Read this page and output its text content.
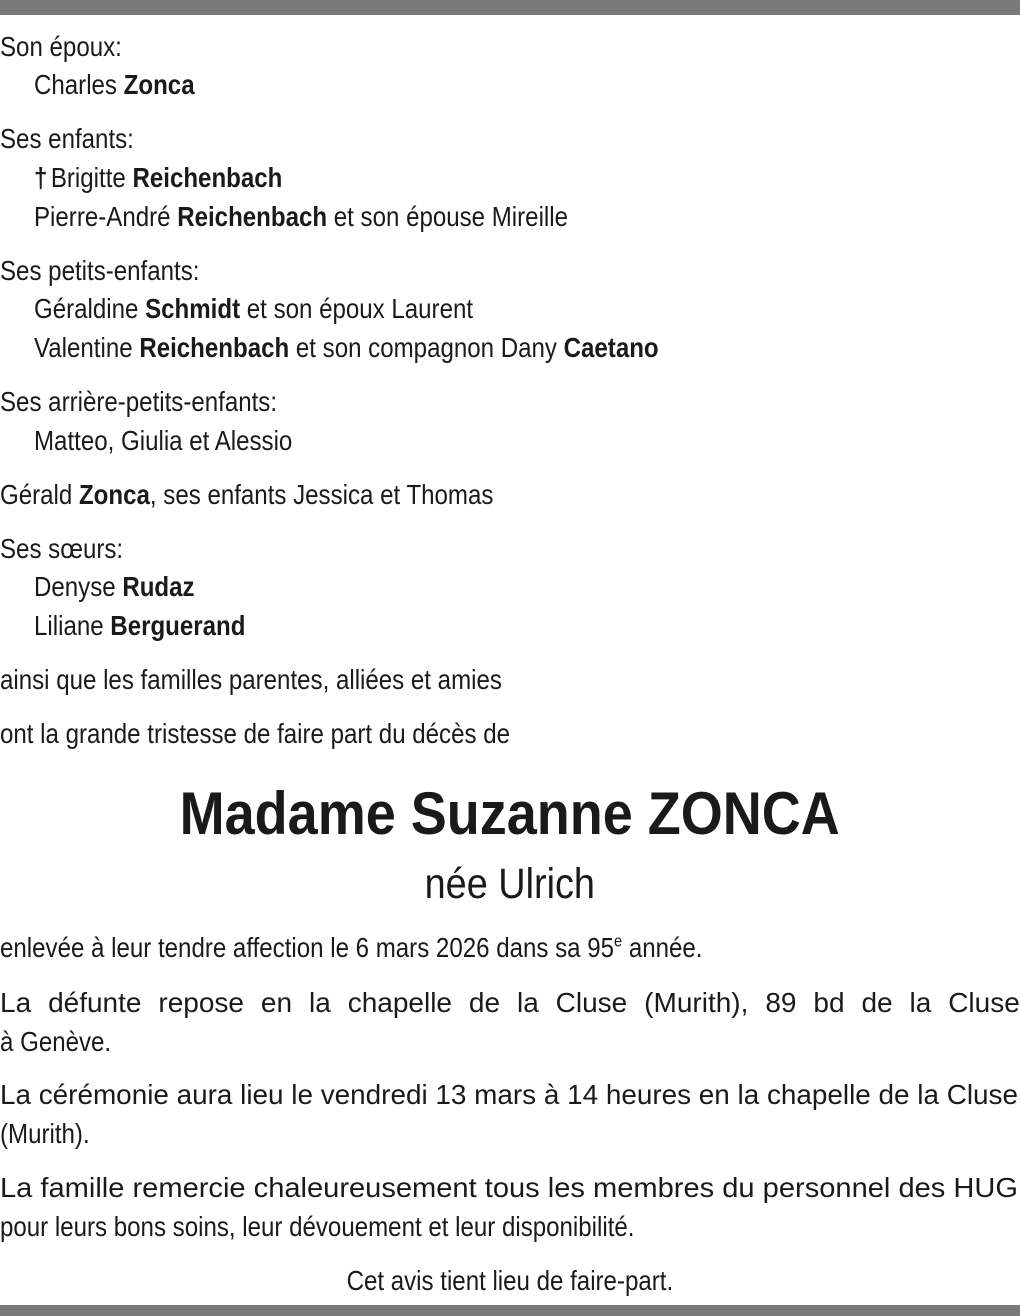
Son époux:
Charles Zonca
Ses enfants:
† Brigitte Reichenbach
Pierre-André Reichenbach et son épouse Mireille
Ses petits-enfants:
Géraldine Schmidt et son époux Laurent
Valentine Reichenbach et son compagnon Dany Caetano
Ses arrière-petits-enfants:
Matteo, Giulia et Alessio
Gérald Zonca, ses enfants Jessica et Thomas
Ses sœurs:
Denyse Rudaz
Liliane Berguerand
ainsi que les familles parentes, alliées et amies
ont la grande tristesse de faire part du décès de
Madame Suzanne ZONCA
née Ulrich
enlevée à leur tendre affection le 6 mars 2026 dans sa 95e année.
La défunte repose en la chapelle de la Cluse (Murith), 89 bd de la Cluse
à Genève.
La cérémonie aura lieu le vendredi 13 mars à 14 heures en la chapelle de la Cluse
(Murith).
La famille remercie chaleureusement tous les membres du personnel des HUG
pour leurs bons soins, leur dévouement et leur disponibilité.
Cet avis tient lieu de faire-part.
